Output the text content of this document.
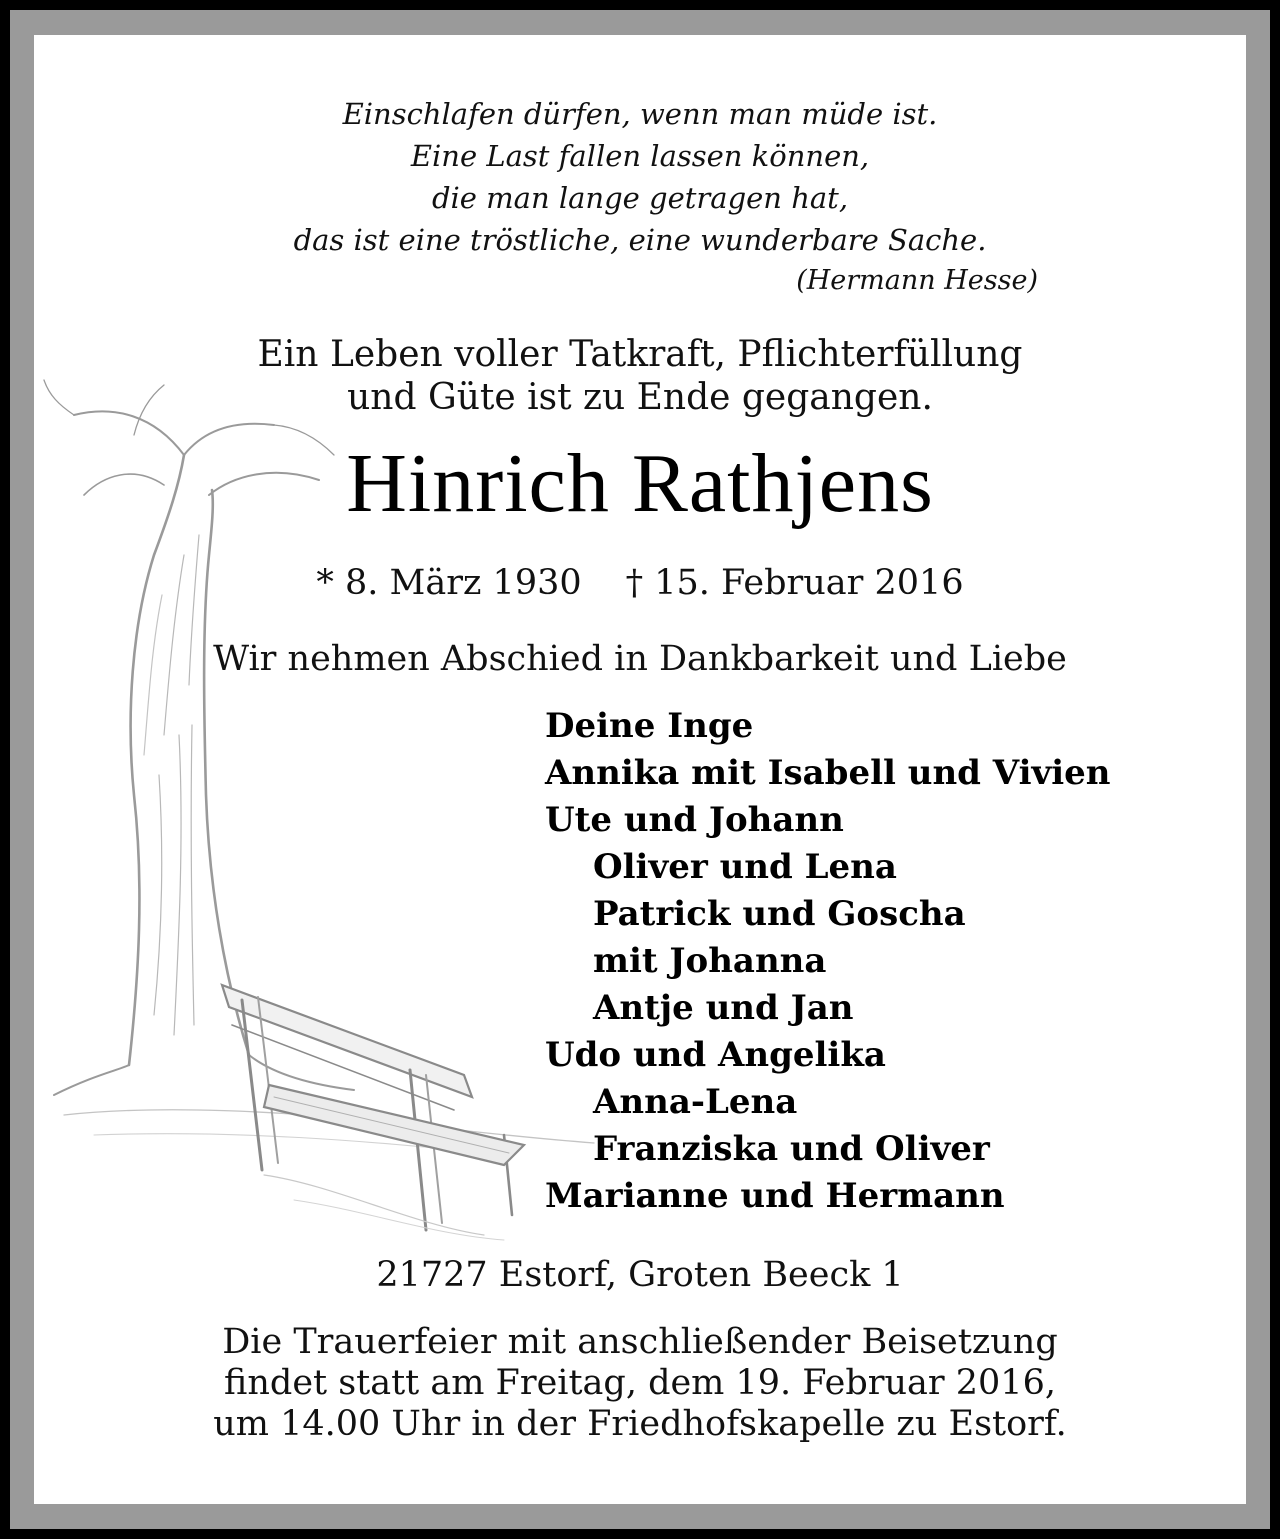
Einschlafen dürfen, wenn man müde ist.
Eine Last fallen lassen können,
die man lange getragen hat,
das ist eine tröstliche, eine wunderbare Sache.
(Hermann Hesse)
Ein Leben voller Tatkraft, Pflichterfüllung
und Güte ist zu Ende gegangen.
Hinrich Rathjens
* 8. März 1930 † 15. Februar 2016
Wir nehmen Abschied in Dankbarkeit und Liebe
Deine Inge
Annika mit Isabell und Vivien
Ute und Johann
Oliver und Lena
Patrick und Goscha
mit Johanna
Antje und Jan
Udo und Angelika
Anna-Lena
Franziska und Oliver
Marianne und Hermann
21727 Estorf, Groten Beeck 1
Die Trauerfeier mit anschließender Beisetzung
findet statt am Freitag, dem 19. Februar 2016,
um 14.00 Uhr in der Friedhofskapelle zu Estorf.
